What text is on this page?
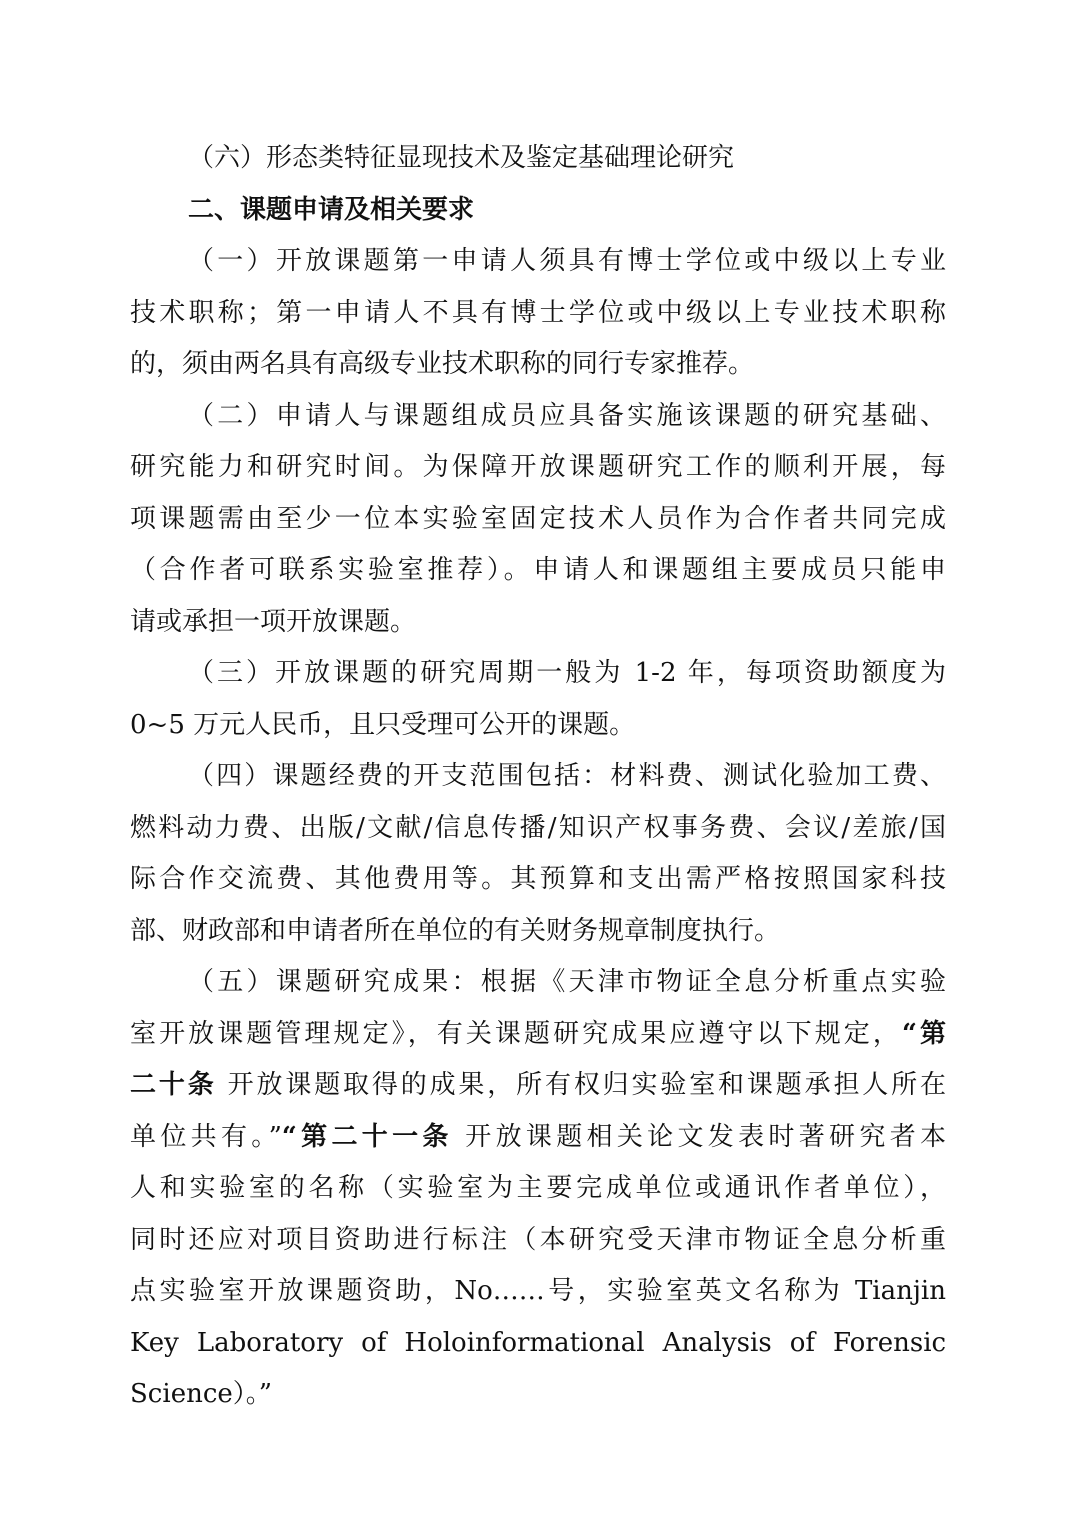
（六）形态类特征显现技术及鉴定基础理论研究
二、课题申请及相关要求
（一）开放课题第一申请人须具有博士学位或中级以上专业
技术职称；第一申请人不具有博士学位或中级以上专业技术职称
的，须由两名具有高级专业技术职称的同行专家推荐。
（二）申请人与课题组成员应具备实施该课题的研究基础、
研究能力和研究时间。为保障开放课题研究工作的顺利开展，每
项课题需由至少一位本实验室固定技术人员作为合作者共同完成
（合作者可联系实验室推荐）。申请人和课题组主要成员只能申
请或承担一项开放课题。
（三）开放课题的研究周期一般为 1-2 年，每项资助额度为
0~5 万元人民币，且只受理可公开的课题。
（四）课题经费的开支范围包括：材料费、测试化验加工费、
燃料动力费、出版/文献/信息传播/知识产权事务费、会议/差旅/国
际合作交流费、其他费用等。其预算和支出需严格按照国家科技
部、财政部和申请者所在单位的有关财务规章制度执行。
（五）课题研究成果：根据《天津市物证全息分析重点实验
室开放课题管理规定》，有关课题研究成果应遵守以下规定，“第
二十条 开放课题取得的成果，所有权归实验室和课题承担人所在
单位共有。”“第二十一条 开放课题相关论文发表时著研究者本
人和实验室的名称（实验室为主要完成单位或通讯作者单位），
同时还应对项目资助进行标注（本研究受天津市物证全息分析重
点实验室开放课题资助，No……号，实验室英文名称为 Tianjin
Key Laboratory of Holoinformational Analysis of Forensic
Science）。”
